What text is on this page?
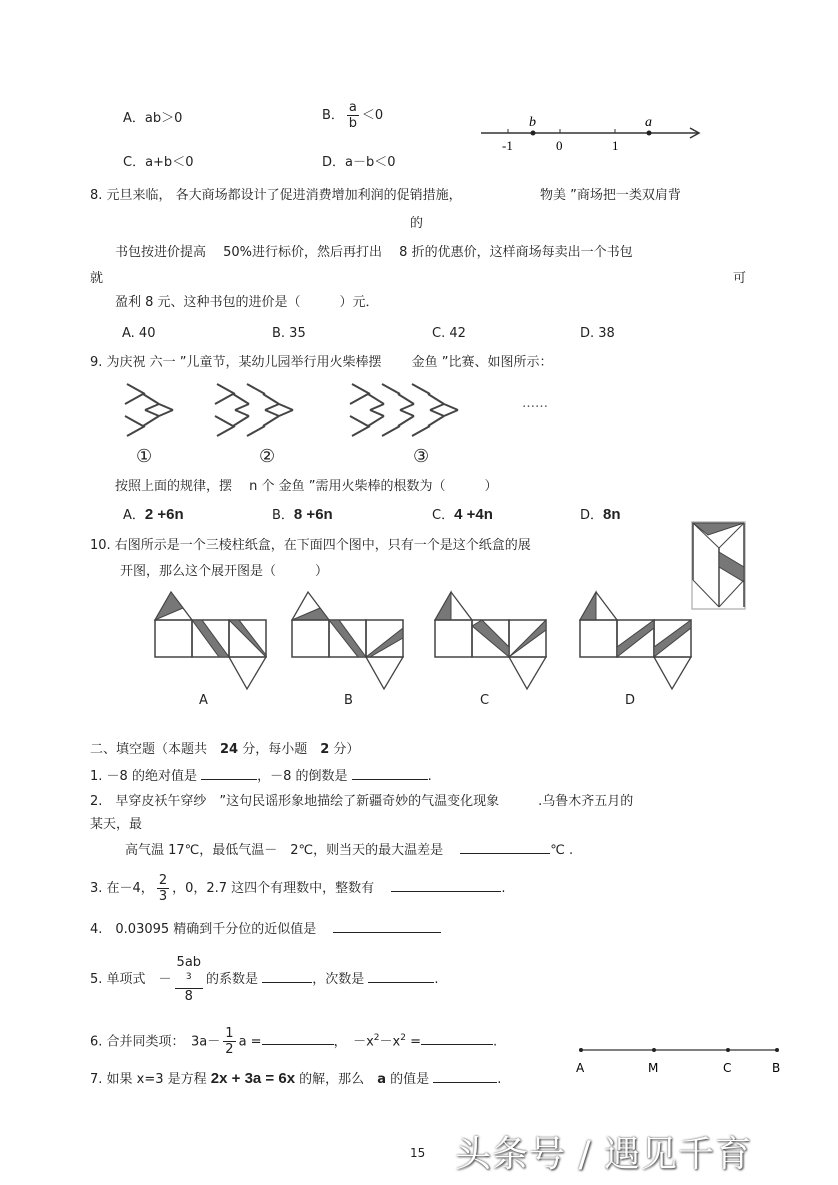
A．ab＞0	B． $\frac{a}{b} <0$
C．a+b＜0	D．a－b＜0
-1	0	1
b	a
8. 元旦来临， 各大商场都设计了促进消费增加利润的促销措施，	物美 ”商场把一类双肩背
的
书包按进价提高　 50%进行标价，然后再打出　 8 折的优惠价，这样商场每卖出一个书包
就	可
盈利 8 元、这种书包的进价是（　　　）元．
A. 40	B. 35	C. 42	D. 38
9. 为庆祝 六一 ”儿童节，某幼儿园举行用火柴棒摆　　 金鱼 ”比赛、如图所示：
……
①	②	③
按照上面的规律，摆　 n 个 金鱼 ”需用火柴棒的根数为（　　　）
A．2 +6n	B．8 +6n	C．4 +4n	D．8n
10. 右图所示是一个三棱柱纸盒，在下面四个图中，只有一个是这个纸盒的展
开图，那么这个展开图是（　　　）
A	B	C	D
二、填空题（本题共　24 分，每小题　2 分）
1. －8 的绝对值是	，－8 的倒数是	.
2.　早穿皮袄午穿纱　”这句民谣形象地描绘了新疆奇妙的气温变化现象　　　.乌鲁木齐五月的
某天，最
高气温 17℃，最低气温－　2℃，则当天的最大温差是　	℃ .
3. 在－4， $\frac{2}{3}$ ，0，2.7 这四个有理数中，整数有　	.
4.　0.03095 精确到千分位的近似值是　
5. 单项式　－ 5ab
$^3$
8 的系数是	，次数是	.
6. 合并同类项：　$3a- \frac{1}{2}$ a =	，　$-x^2-x^2$ =	.
7. 如果 x=3 是方程 2x + 3a = 6x 的解，那么　a 的值是	.
A	M	C	B
15 头条号 / 遇见千育
